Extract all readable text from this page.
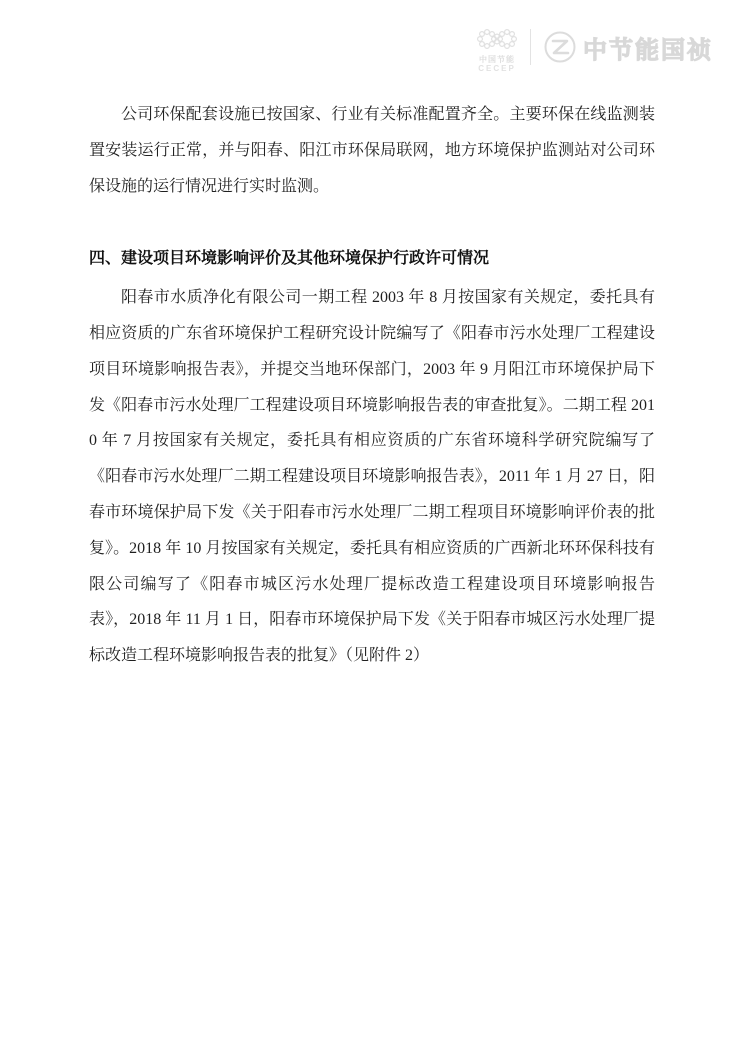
中国节能
CECEP
中节能国祯

公司环保配套设施已按国家、行业有关标准配置齐全。主要环保在线监测装置安装运行正常，并与阳春、阳江市环保局联网，地方环境保护监测站对公司环保设施的运行情况进行实时监测。

四、建设项目环境影响评价及其他环境保护行政许可情况

阳春市水质净化有限公司一期工程 2003 年 8 月按国家有关规定，委托具有相应资质的广东省环境保护工程研究设计院编写了《阳春市污水处理厂工程建设项目环境影响报告表》，并提交当地环保部门，2003 年 9 月阳江市环境保护局下发《阳春市污水处理厂工程建设项目环境影响报告表的审查批复》。二期工程 2010 年 7 月按国家有关规定，委托具有相应资质的广东省环境科学研究院编写了《阳春市污水处理厂二期工程建设项目环境影响报告表》，2011 年 1 月 27 日，阳春市环境保护局下发《关于阳春市污水处理厂二期工程项目环境影响评价表的批复》。2018 年 10 月按国家有关规定，委托具有相应资质的广西新北环环保科技有限公司编写了《阳春市城区污水处理厂提标改造工程建设项目环境影响报告表》，2018 年 11 月 1 日，阳春市环境保护局下发《关于阳春市城区污水处理厂提标改造工程环境影响报告表的批复》（见附件 2）
